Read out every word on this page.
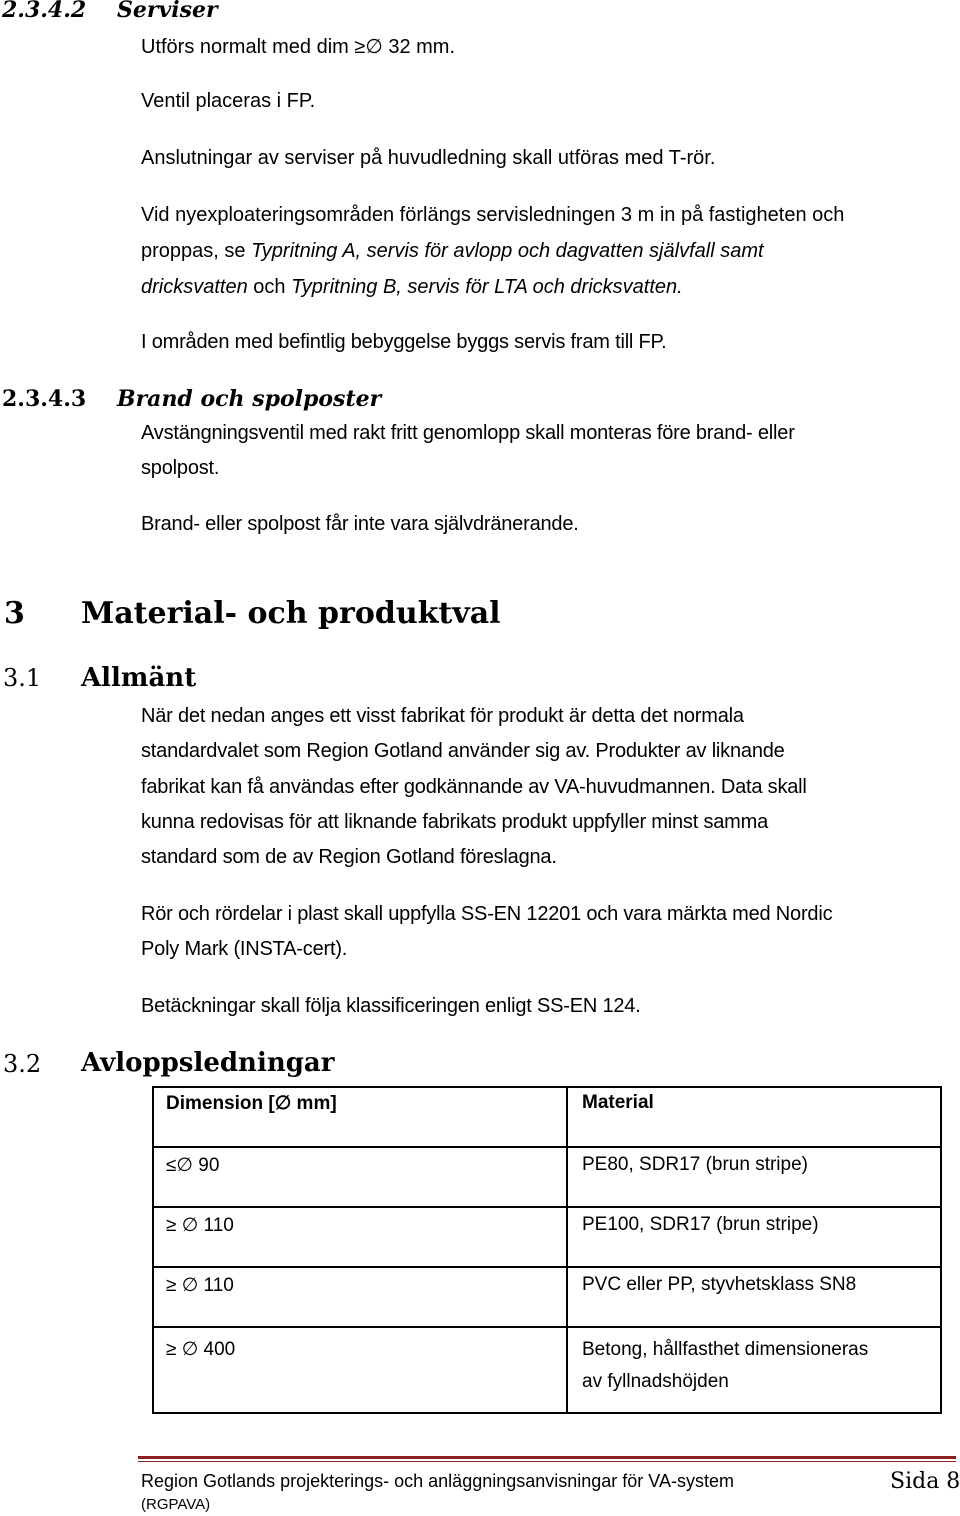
2.3.4.2 Serviser
Utförs normalt med dim ≥∅ 32 mm.
Ventil placeras i FP.
Anslutningar av serviser på huvudledning skall utföras med T-rör.
Vid nyexploateringsområden förlängs servisledningen 3 m in på fastigheten och
proppas, se Typritning A, servis för avlopp och dagvatten självfall samt
dricksvatten och Typritning B, servis för LTA och dricksvatten.
I områden med befintlig bebyggelse byggs servis fram till FP.
2.3.4.3 Brand och spolposter
Avstängningsventil med rakt fritt genomlopp skall monteras före brand- eller
spolpost.
Brand- eller spolpost får inte vara självdränerande.
3 Material- och produktval
3.1 Allmänt
När det nedan anges ett visst fabrikat för produkt är detta det normala
standardvalet som Region Gotland använder sig av. Produkter av liknande
fabrikat kan få användas efter godkännande av VA-huvudmannen. Data skall
kunna redovisas för att liknande fabrikats produkt uppfyller minst samma
standard som de av Region Gotland föreslagna.
Rör och rördelar i plast skall uppfylla SS-EN 12201 och vara märkta med Nordic
Poly Mark (INSTA-cert).
Betäckningar skall följa klassificeringen enligt SS-EN 124.
3.2 Avloppsledningar
Dimension [∅ mm]	Material
≤∅ 90	PE80, SDR17 (brun stripe)
≥ ∅ 110	PE100, SDR17 (brun stripe)
≥ ∅ 110	PVC eller PP, styvhetsklass SN8
≥ ∅ 400	Betong, hållfasthet dimensioneras
av fyllnadshöjden
Region Gotlands projekterings- och anläggningsanvisningar för VA-system
(RGPAVA)
Sida 8
